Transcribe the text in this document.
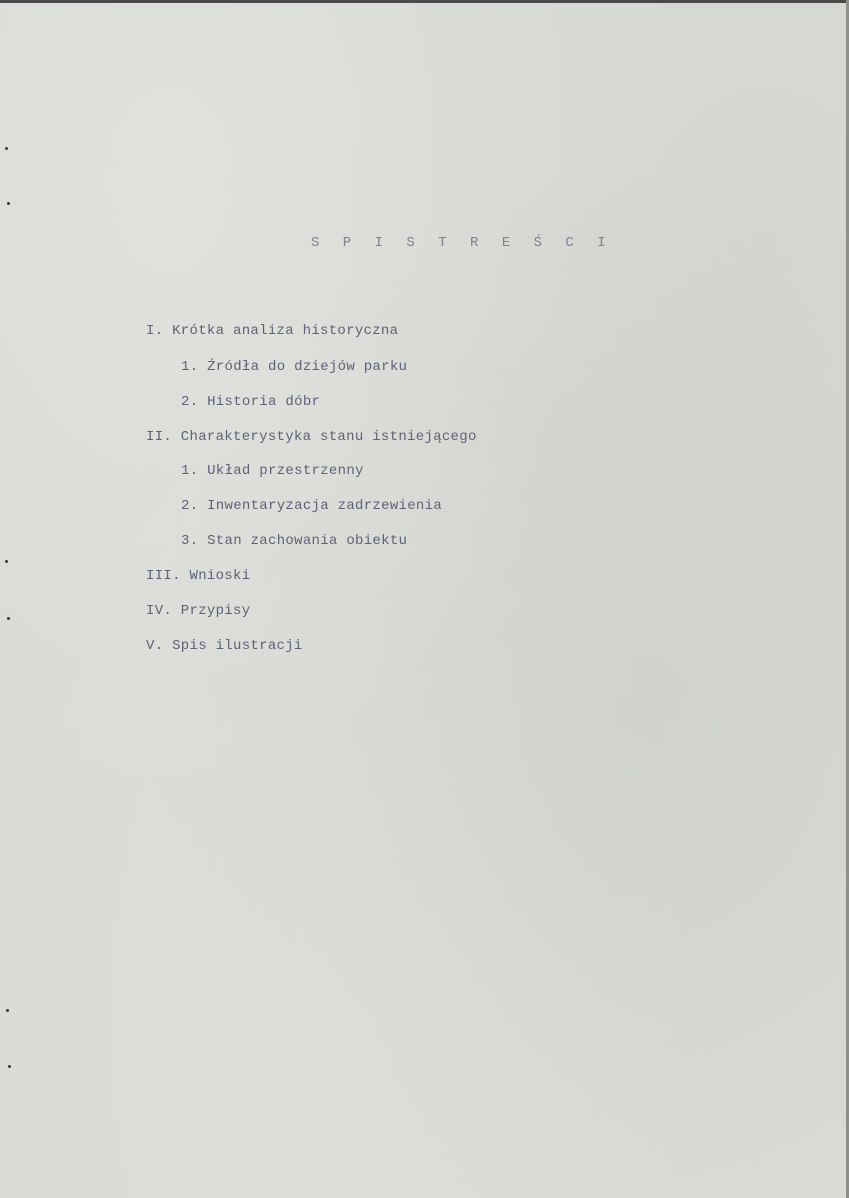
S P I S T R E Ś C I
I. Krótka analiza historyczna
1. Źródła do dziejów parku
2. Historia dóbr
II. Charakterystyka stanu istniejącego
1. Układ przestrzenny
2. Inwentaryzacja zadrzewienia
3. Stan zachowania obiektu
III. Wnioski
IV. Przypisy
V. Spis ilustracji
